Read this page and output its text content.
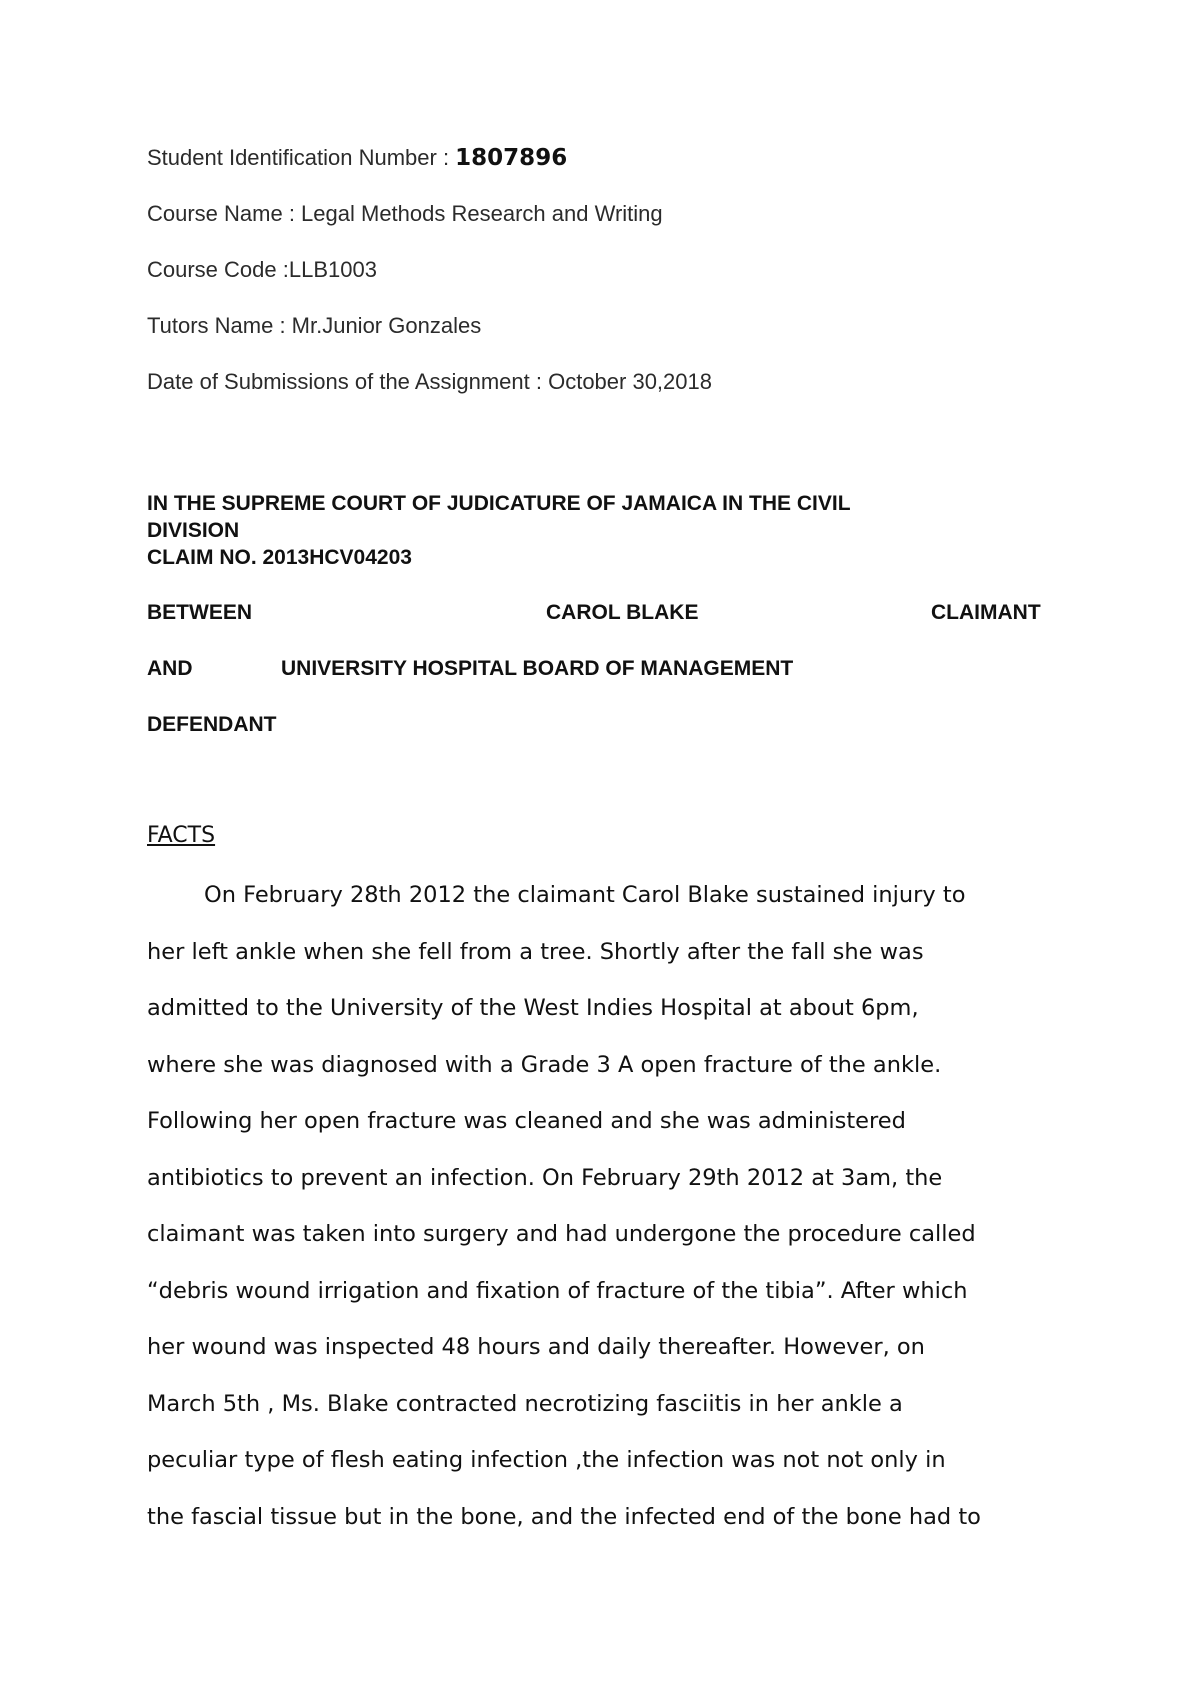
Student Identification Number : 1807896
Course Name : Legal Methods Research and Writing
Course Code :LLB1003
Tutors Name : Mr.Junior Gonzales
Date of Submissions of the Assignment : October 30,2018
IN THE SUPREME COURT OF JUDICATURE OF JAMAICA IN THE CIVIL
DIVISION
CLAIM NO. 2013HCV04203
BETWEEN	CAROL BLAKE	CLAIMANT
AND	UNIVERSITY HOSPITAL BOARD OF MANAGEMENT
DEFENDANT
FACTS
On February 28th 2012 the claimant Carol Blake sustained injury to
her left ankle when she fell from a tree. Shortly after the fall she was
admitted to the University of the West Indies Hospital at about 6pm,
where she was diagnosed with a Grade 3 A open fracture of the ankle.
Following her open fracture was cleaned and she was administered
antibiotics to prevent an infection. On February 29th 2012 at 3am, the
claimant was taken into surgery and had undergone the procedure called
“debris wound irrigation and fixation of fracture of the tibia”. After which
her wound was inspected 48 hours and daily thereafter. However, on
March 5th , Ms. Blake contracted necrotizing fasciitis in her ankle a
peculiar type of flesh eating infection ,the infection was not not only in
the fascial tissue but in the bone, and the infected end of the bone had to
